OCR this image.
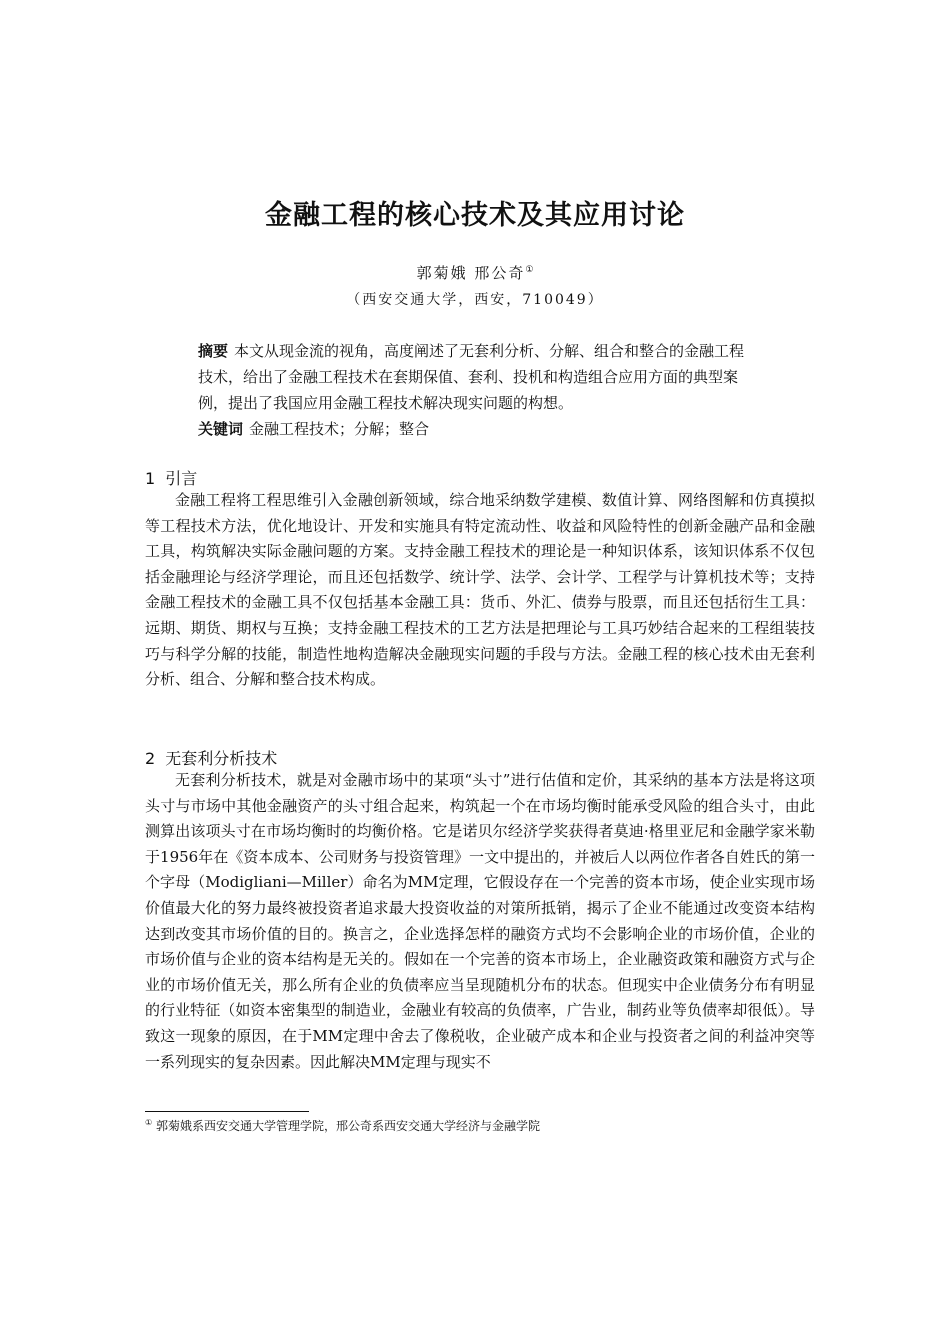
金融工程的核心技术及其应用讨论
郭菊娥 邢公奇①
（西安交通大学，西安，710049）
摘要 本文从现金流的视角，高度阐述了无套利分析、分解、组合和整合的金融工程技术，给出了金融工程技术在套期保值、套利、投机和构造组合应用方面的典型案例，提出了我国应用金融工程技术解决现实问题的构想。
关键词 金融工程技术；分解；整合
1 引言

金融工程将工程思维引入金融创新领域，综合地采纳数学建模、数值计算、网络图解和仿真摸拟等工程技术方法，优化地设计、开发和实施具有特定流动性、收益和风险特性的创新金融产品和金融工具，构筑解决实际金融问题的方案。支持金融工程技术的理论是一种知识体系，该知识体系不仅包括金融理论与经济学理论，而且还包括数学、统计学、法学、会计学、工程学与计算机技术等；支持金融工程技术的金融工具不仅包括基本金融工具：货币、外汇、债券与股票，而且还包括衍生工具：远期、期货、期权与互换；支持金融工程技术的工艺方法是把理论与工具巧妙结合起来的工程组装技巧与科学分解的技能，制造性地构造解决金融现实问题的手段与方法。金融工程的核心技术由无套利分析、组合、分解和整合技术构成。

2 无套利分析技术

无套利分析技术，就是对金融市场中的某项“头寸”进行估值和定价，其采纳的基本方法是将这项头寸与市场中其他金融资产的头寸组合起来，构筑起一个在市场均衡时能承受风险的组合头寸，由此测算出该项头寸在市场均衡时的均衡价格。它是诺贝尔经济学奖获得者莫迪·格里亚尼和金融学家米勒于1956年在《资本成本、公司财务与投资管理》一文中提出的，并被后人以两位作者各自姓氏的第一个字母（Modigliani—Miller）命名为MM定理，它假设存在一个完善的资本市场，使企业实现市场价值最大化的努力最终被投资者追求最大投资收益的对策所抵销，揭示了企业不能通过改变资本结构达到改变其市场价值的目的。换言之，企业选择怎样的融资方式均不会影响企业的市场价值，企业的市场价值与企业的资本结构是无关的。假如在一个完善的资本市场上，企业融资政策和融资方式与企业的市场价值无关，那么所有企业的负债率应当呈现随机分布的状态。但现实中企业债务分布有明显的行业特征（如资本密集型的制造业，金融业有较高的负债率，广告业，制药业等负债率却很低）。导致这一现象的原因，在于MM定理中舍去了像税收，企业破产成本和企业与投资者之间的利益冲突等一系列现实的复杂因素。因此解决MM定理与现实不

① 郭菊娥系西安交通大学管理学院，邢公奇系西安交通大学经济与金融学院
